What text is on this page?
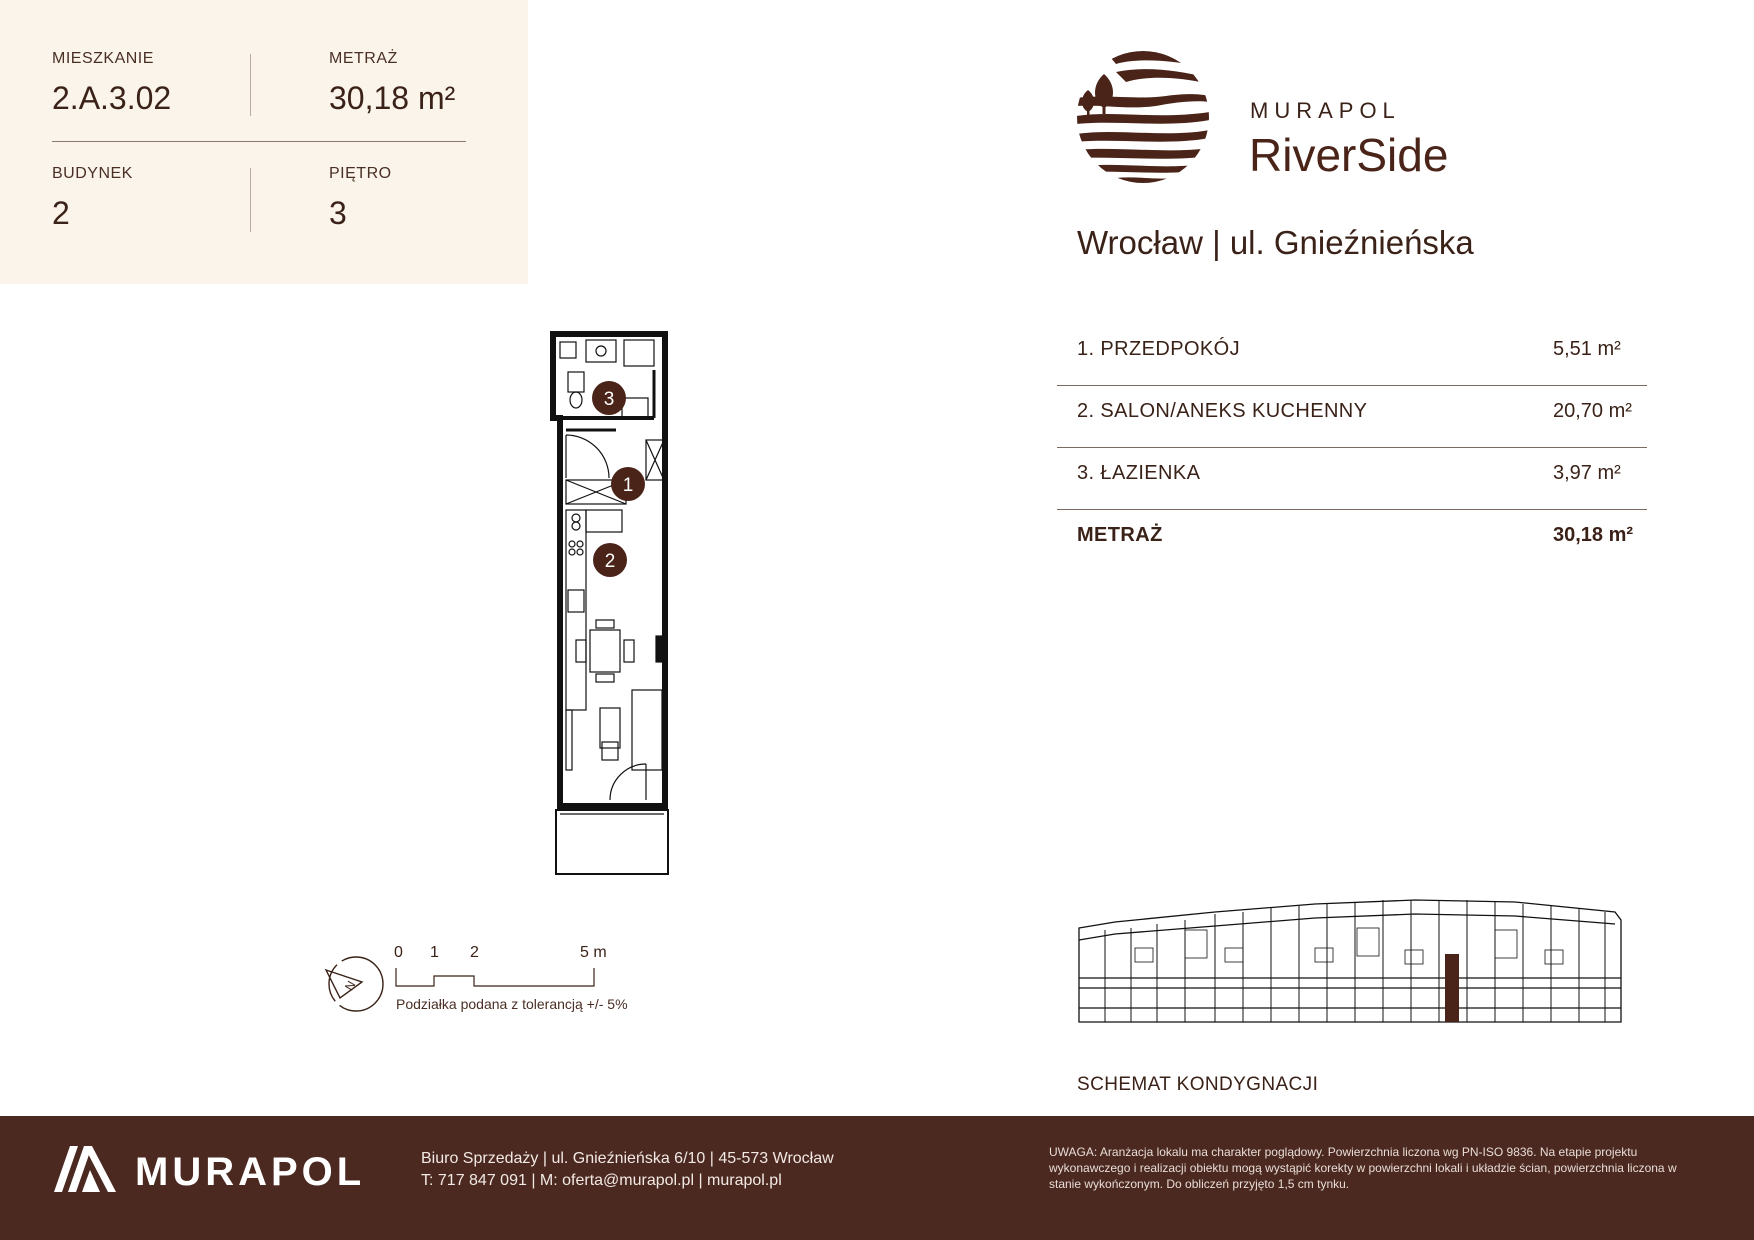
MIESZKANIE
2.A.3.02
METRAŻ
30,18 m²
BUDYNEK
2
PIĘTRO
3
MURAPOL
RiverSide
Wrocław | ul. Gnieźnieńska
1. PRZEDPOKÓJ	5,51 m²
2. SALON/ANEKS KUCHENNY	20,70 m²
3. ŁAZIENKA	3,97 m²
METRAŻ	30,18 m²
3
1
2
N
0 1 2	5 m
Podziałka podana z tolerancją +/- 5%
SCHEMAT KONDYGNACJI
MURAPOL	Biuro Sprzedaży | ul. Gnieźnieńska 6/10 | 45-573 Wrocław
T: 717 847 091 | M: oferta@murapol.pl | murapol.pl
UWAGA: Aranżacja lokalu ma charakter poglądowy. Powierzchnia liczona wg PN-ISO 9836. Na etapie projektu wykonawczego i realizacji obiektu mogą wystąpić korekty w powierzchni lokali i układzie ścian, powierzchnia liczona w stanie wykończonym. Do obliczeń przyjęto 1,5 cm tynku.
